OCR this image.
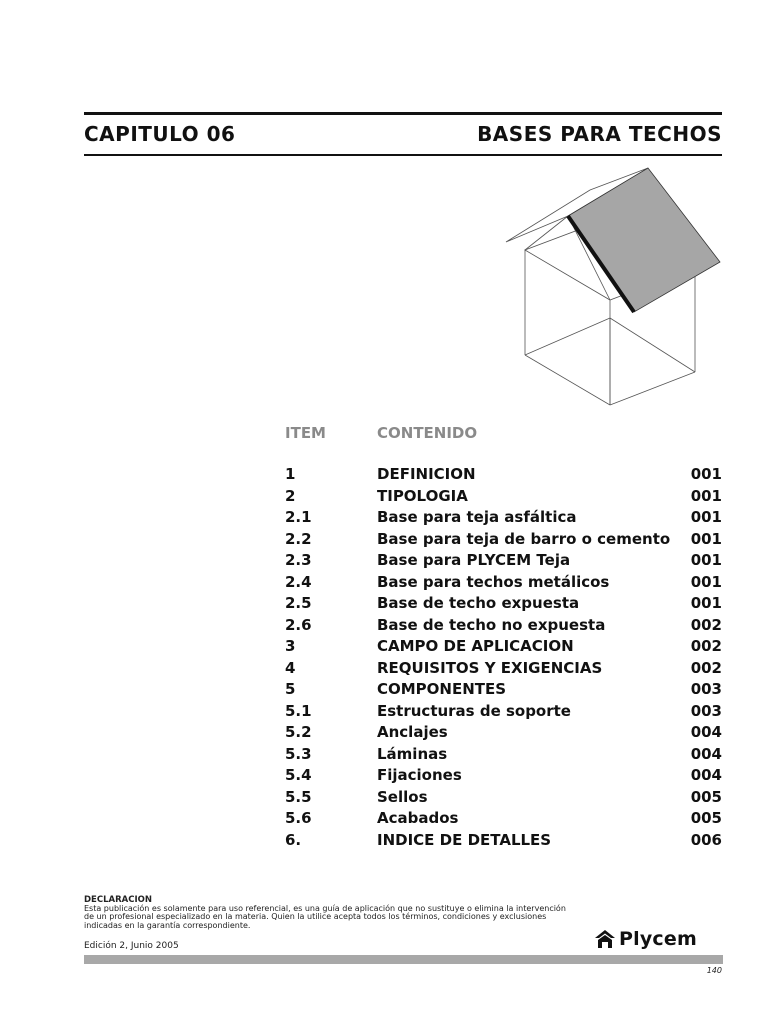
CAPITULO 06	BASES PARA TECHOS
ITEM	CONTENIDO
1	DEFINICION	001
2	TIPOLOGIA	001
2.1	Base para teja asfáltica	001
2.2	Base para teja de barro o cemento 001
2.3	Base para PLYCEM Teja	001
2.4	Base para techos metálicos	001
2.5	Base de techo expuesta	001
2.6	Base de techo no expuesta	002
3	CAMPO DE APLICACION	002
4	REQUISITOS Y EXIGENCIAS	002
5	COMPONENTES	003
5.1	Estructuras de soporte	003
5.2	Anclajes	004
5.3	Láminas	004
5.4	Fijaciones	004
5.5	Sellos	005
5.6	Acabados	005
6.	INDICE DE DETALLES	006
DECLARACION
Esta publicación es solamente para uso referencial, es una guía de aplicación que no sustituye o elimina la intervención de un profesional especializado en la materia. Quien la utilice acepta todos los términos, condiciones y exclusiones indicadas en la garantía correspondiente.
Edición 2, Junio 2005	Plycem
140
